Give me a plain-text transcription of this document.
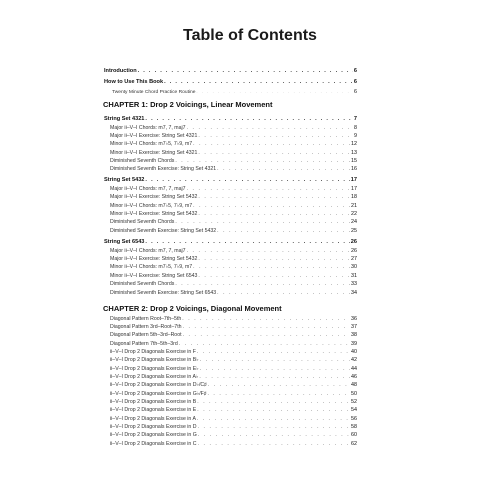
Table of Contents
Introduction . . .	6
How to Use This Book . . .	6
Twenty Minute Chord Practice Routine . . .	6
CHAPTER 1: Drop 2 Voicings, Linear Movement
String Set 4321 . . .	7
Major ii–V–I Chords: m7, 7, maj7 . . .	8
Major ii–V–I Exercise: String Set 4321 . . .	9
Minor ii–V–I Chords: m7♭5, 7♭9, m7 . . .	12
Minor ii–V–I Exercise: String Set 4321 . . .	13
Diminished Seventh Chords . . .	15
Diminished Seventh Exercise: String Set 4321 . . .	16
String Set 5432 . . .	17
Major ii–V–I Chords: m7, 7, maj7 . . .	17
Major ii–V–I Exercise: String Set 5432 . . .	18
Minor ii–V–I Chords: m7♭5, 7♭9, m7 . . .	21
Minor ii–V–I Exercise: String Set 5432 . . .	22
Diminished Seventh Chords . . .	24
Diminished Seventh Exercise: String Set 5432 . . .	25
String Set 6543 . . .	26
Major ii–V–I Chords: m7, 7, maj7 . . .	26
Major ii–V–I Exercise: String Set 5432 . . .	27
Minor ii–V–I Chords: m7♭5, 7♭9, m7 . . .	30
Minor ii–V–I Exercise: String Set 6543 . . .	31
Diminished Seventh Chords . . .	33
Diminished Seventh Exercise: String Set 6543 . . .	34
CHAPTER 2: Drop 2 Voicings, Diagonal Movement
Diagonal Pattern Root–7th–5th . . .	36
Diagonal Pattern 3rd–Root–7th . . .	37
Diagonal Pattern 5th–3rd–Root . . .	38
Diagonal Pattern 7th–5th–3rd . . .	39
ii–V–I Drop 2 Diagonals Exercise in F . . .	40
ii–V–I Drop 2 Diagonals Exercise in B♭ . . .	42
ii–V–I Drop 2 Diagonals Exercise in E♭ . . .	44
ii–V–I Drop 2 Diagonals Exercise in A♭ . . .	46
ii–V–I Drop 2 Diagonals Exercise in D♭/C♯ . . .	48
ii–V–I Drop 2 Diagonals Exercise in G♭/F♯ . . .	50
ii–V–I Drop 2 Diagonals Exercise in B . . .	52
ii–V–I Drop 2 Diagonals Exercise in E . . .	54
ii–V–I Drop 2 Diagonals Exercise in A . . .	56
ii–V–I Drop 2 Diagonals Exercise in D . . .	58
ii–V–I Drop 2 Diagonals Exercise in G . . .	60
ii–V–I Drop 2 Diagonals Exercise in C . . .	62
